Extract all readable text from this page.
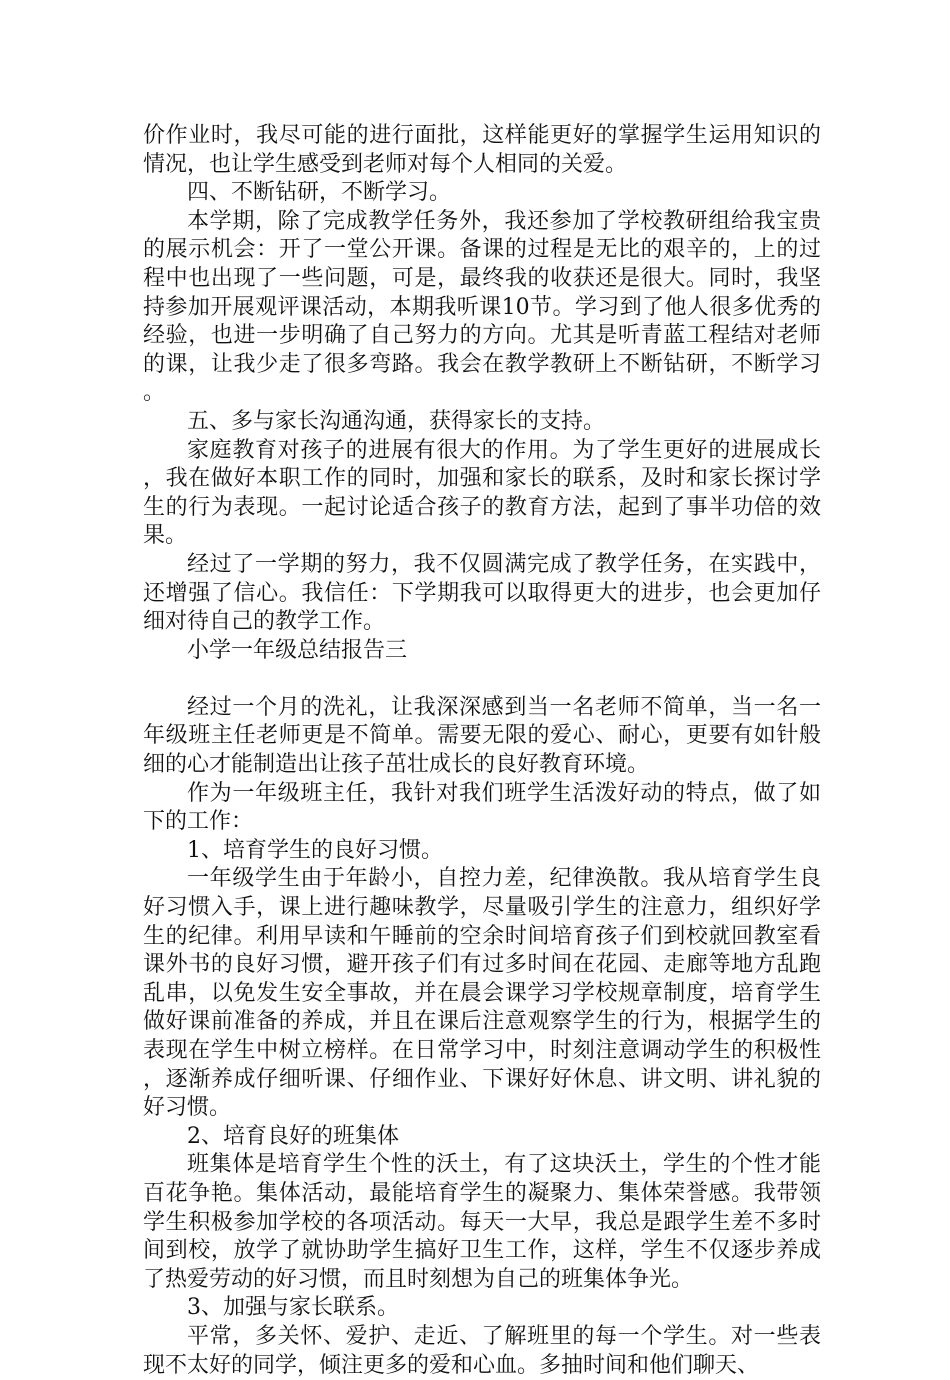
价作业时，我尽可能的进行面批，这样能更好的掌握学生运用知识的情况，也让学生感受到老师对每个人相同的关爱。

四、不断钻研，不断学习。

本学期，除了完成教学任务外，我还参加了学校教研组给我宝贵的展示机会：开了一堂公开课。备课的过程是无比的艰辛的，上的过程中也出现了一些问题，可是，最终我的收获还是很大。同时，我坚持参加开展观评课活动，本期我听课10节。学习到了他人很多优秀的经验，也进一步明确了自己努力的方向。尤其是听青蓝工程结对老师的课，让我少走了很多弯路。我会在教学教研上不断钻研，不断学习。

五、多与家长沟通沟通，获得家长的支持。

家庭教育对孩子的进展有很大的作用。为了学生更好的进展成长，我在做好本职工作的同时，加强和家长的联系，及时和家长探讨学生的行为表现。一起讨论适合孩子的教育方法，起到了事半功倍的效果。

经过了一学期的努力，我不仅圆满完成了教学任务，在实践中，还增强了信心。我信任：下学期我可以取得更大的进步，也会更加仔细对待自己的教学工作。

小学一年级总结报告三

经过一个月的洗礼，让我深深感到当一名老师不简单，当一名一年级班主任老师更是不简单。需要无限的爱心、耐心，更要有如针般细的心才能制造出让孩子茁壮成长的良好教育环境。

作为一年级班主任，我针对我们班学生活泼好动的特点，做了如下的工作：

1、培育学生的良好习惯。

一年级学生由于年龄小，自控力差，纪律涣散。我从培育学生良好习惯入手，课上进行趣味教学，尽量吸引学生的注意力，组织好学生的纪律。利用早读和午睡前的空余时间培育孩子们到校就回教室看课外书的良好习惯，避开孩子们有过多时间在花园、走廊等地方乱跑乱串，以免发生安全事故，并在晨会课学习学校规章制度，培育学生做好课前准备的养成，并且在课后注意观察学生的行为，根据学生的表现在学生中树立榜样。在日常学习中，时刻注意调动学生的积极性，逐渐养成仔细听课、仔细作业、下课好好休息、讲文明、讲礼貌的好习惯。

2、培育良好的班集体

班集体是培育学生个性的沃土，有了这块沃土，学生的个性才能百花争艳。集体活动，最能培育学生的凝聚力、集体荣誉感。我带领学生积极参加学校的各项活动。每天一大早，我总是跟学生差不多时间到校，放学了就协助学生搞好卫生工作，这样，学生不仅逐步养成了热爱劳动的好习惯，而且时刻想为自己的班集体争光。

3、加强与家长联系。

平常，多关怀、爱护、走近、了解班里的每一个学生。对一些表现不太好的同学，倾注更多的爱和心血。多抽时间和他们聊天、
